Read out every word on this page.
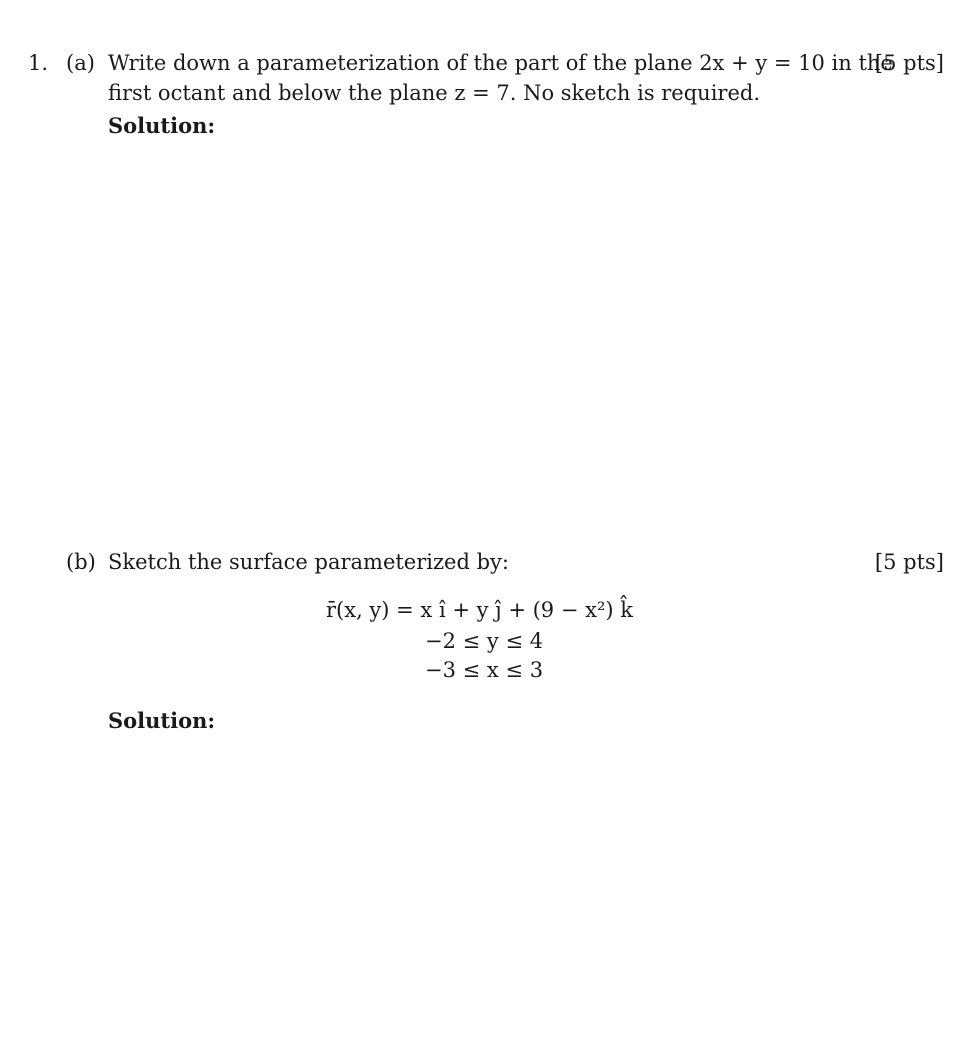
1. (a) Write down a parameterization of the part of the plane 2x + y = 10 in the
first octant and below the plane z = 7. No sketch is required.
[5 pts]
Solution:
(b) Sketch the surface parameterized by:	[5 pts]
r̄(x, y) = x î + y ĵ + (9 − x²) k̂
−2 ≤ y ≤ 4
−3 ≤ x ≤ 3
Solution:
